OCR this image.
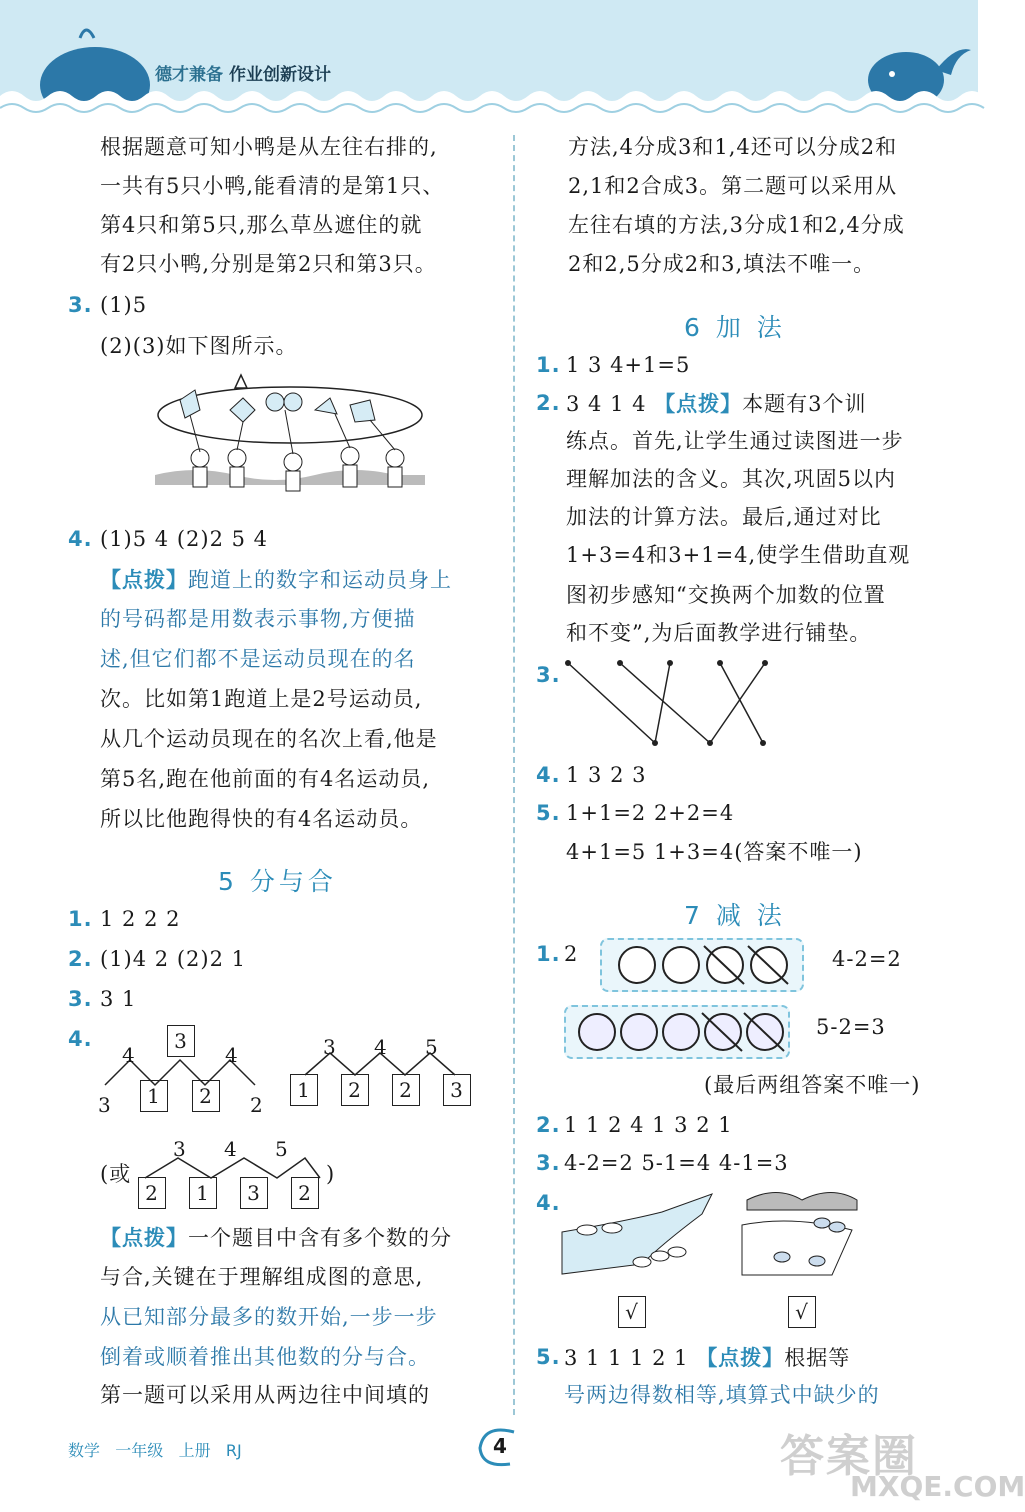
德才兼备 作业创新设计
根据题意可知小鸭是从左往右排的,
一共有5只小鸭,能看清的是第1只、
第4只和第5只,那么草丛遮住的就
有2只小鸭,分别是第2只和第3只。
3. (1)5
(2)(3)如下图所示。
4. (1)5 4 (2)2 5 4
【点拨】跑道上的数字和运动员身上
的号码都是用数表示事物,方便描
述,但它们都不是运动员现在的名
次。比如第1跑道上是2号运动员,
从几个运动员现在的名次上看,他是
第5名,跑在他前面的有4名运动员,
所以比他跑得快的有4名运动员。
5 分与合
1. 1 2 2 2
2. (1)4 2 (2)2 1
3. 3 1
4.
4
3
4
3	1	2	2
3 4 5
1	2	2	3
(或
3 4 5
2	1	3	2
)
【点拨】一个题目中含有多个数的分
与合,关键在于理解组成图的意思,
从已知部分最多的数开始,一步一步
倒着或顺着推出其他数的分与合。
第一题可以采用从两边往中间填的
方法,4分成3和1,4还可以分成2和
2,1和2合成3。第二题可以采用从
左往右填的方法,3分成1和2,4分成
2和2,5分成2和3,填法不唯一。
6 加 法
1. 1 3 4+1=5
2. 3 4 1 4 【点拨】本题有3个训
练点。首先,让学生通过读图进一步
理解加法的含义。其次,巩固5以内
加法的计算方法。最后,通过对比
1+3=4和3+1=4,使学生借助直观
图初步感知“交换两个加数的位置
和不变”,为后面教学进行铺垫。
3.
4. 1 3 2 3
5. 1+1=2 2+2=4
4+1=5 1+3=4(答案不唯一)
7 减 法
1. 2	4-2=2
5-2=3
(最后两组答案不唯一)
2. 1 1 2 4 1 3 2 1
3. 4-2=2 5-1=4 4-1=3
4.
√	√
5. 3 1 1 1 2 1 【点拨】根据等
号两边得数相等,填算式中缺少的
数学 一年级 上册 RJ	4	答案圈
MXQE.COM
